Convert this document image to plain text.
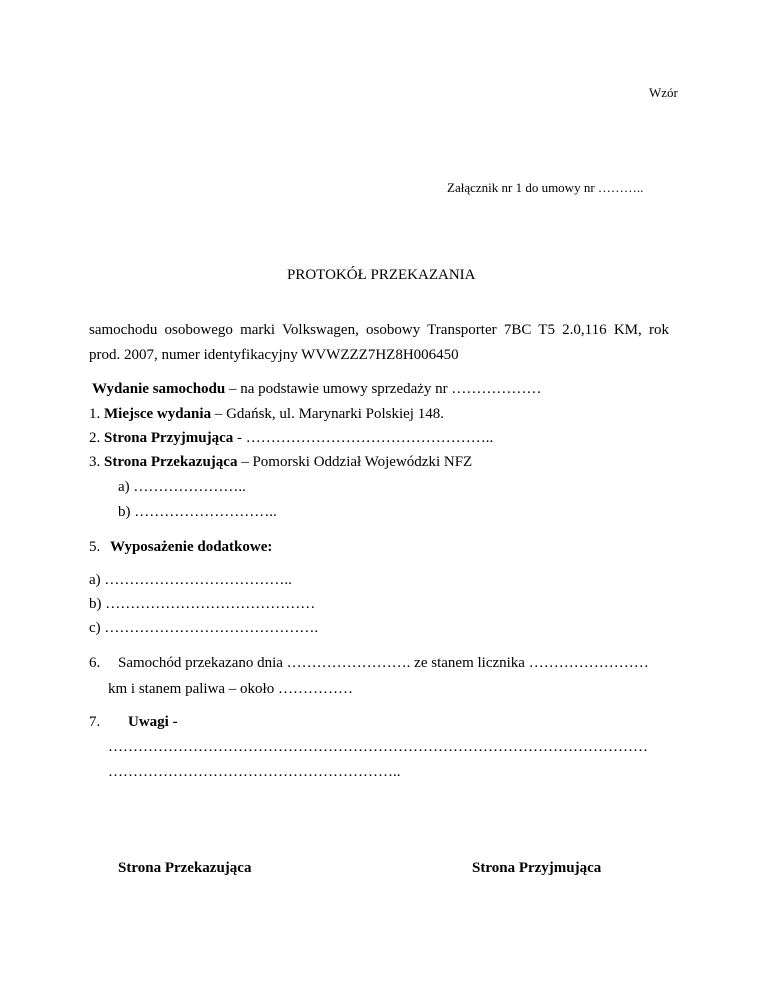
Wzór
Załącznik nr 1 do umowy nr ………..
PROTOKÓŁ PRZEKAZANIA
samochodu osobowego marki Volkswagen, osobowy Transporter 7BC T5 2.0,116 KM, rok
prod. 2007, numer identyfikacyjny WVWZZZ7HZ8H006450
Wydanie samochodu – na podstawie umowy sprzedaży nr ………………
1. Miejsce wydania – Gdańsk, ul. Marynarki Polskiej 148.
2. Strona Przyjmująca - …………………………………………..
3. Strona Przekazująca – Pomorski Oddział Wojewódzki NFZ
a) …………………..
b) ………………………..
5. Wyposażenie dodatkowe:
a) ………………………………..
b) ……………………………………
c) …………………………………….
6. Samochód przekazano dnia ……………………. ze stanem licznika ……………………
km i stanem paliwa – około ……………
7. Uwagi -
………………………………………………………………………………………………
…………………………………………………..
Strona Przekazująca	Strona Przyjmująca
